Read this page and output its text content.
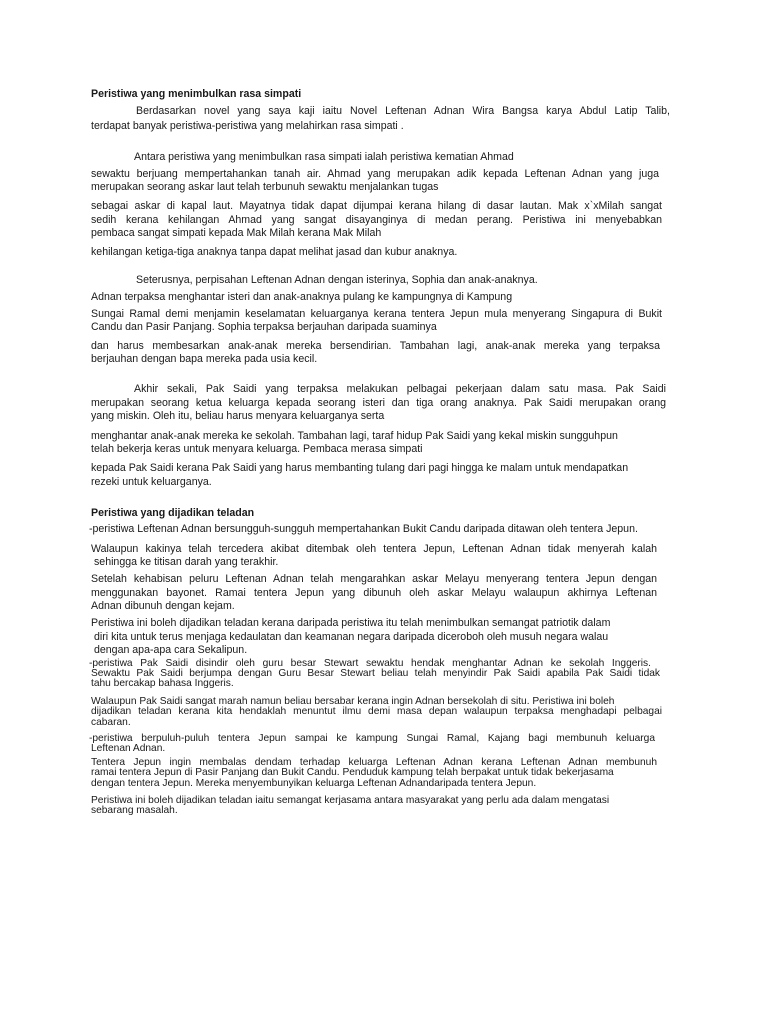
Peristiwa yang menimbulkan rasa simpati
Berdasarkan novel yang saya kaji iaitu Novel Leftenan Adnan Wira Bangsa karya Abdul Latip Talib,
terdapat banyak peristiwa-peristiwa yang melahirkan rasa simpati .
Antara peristiwa yang menimbulkan rasa simpati ialah peristiwa kematian Ahmad
sewaktu berjuang mempertahankan tanah air. Ahmad yang merupakan adik kepada Leftenan Adnan yang juga
merupakan seorang askar laut telah terbunuh sewaktu menjalankan tugas
sebagai askar di kapal laut. Mayatnya tidak dapat dijumpai kerana hilang di dasar lautan. Mak x`xMilah sangat
sedih kerana kehilangan Ahmad yang sangat disayanginya di medan perang. Peristiwa ini menyebabkan
pembaca sangat simpati kepada Mak Milah kerana Mak Milah
kehilangan ketiga-tiga anaknya tanpa dapat melihat jasad dan kubur anaknya.
Seterusnya, perpisahan Leftenan Adnan dengan isterinya, Sophia dan anak-anaknya.
Adnan terpaksa menghantar isteri dan anak-anaknya pulang ke kampungnya di Kampung
Sungai Ramal demi menjamin keselamatan keluarganya kerana tentera Jepun mula menyerang Singapura di Bukit
Candu dan Pasir Panjang. Sophia terpaksa berjauhan daripada suaminya
dan harus membesarkan anak-anak mereka bersendirian. Tambahan lagi, anak-anak mereka yang terpaksa
berjauhan dengan bapa mereka pada usia kecil.
Akhir sekali, Pak Saidi yang terpaksa melakukan pelbagai pekerjaan dalam satu masa. Pak Saidi
merupakan seorang ketua keluarga kepada seorang isteri dan tiga orang anaknya. Pak Saidi merupakan orang
yang miskin. Oleh itu, beliau harus menyara keluarganya serta
menghantar anak-anak mereka ke sekolah. Tambahan lagi, taraf hidup Pak Saidi yang kekal miskin sungguhpun
telah bekerja keras untuk menyara keluarga. Pembaca merasa simpati
kepada Pak Saidi kerana Pak Saidi yang harus membanting tulang dari pagi hingga ke malam untuk mendapatkan
rezeki untuk keluarganya.
Peristiwa yang dijadikan teladan
-peristiwa Leftenan Adnan bersungguh-sungguh mempertahankan Bukit Candu daripada ditawan oleh tentera Jepun.
Walaupun kakinya telah tercedera akibat ditembak oleh tentera Jepun, Leftenan Adnan tidak menyerah kalah
sehingga ke titisan darah yang terakhir.
Setelah kehabisan peluru Leftenan Adnan telah mengarahkan askar Melayu menyerang tentera Jepun dengan
menggunakan bayonet. Ramai tentera Jepun yang dibunuh oleh askar Melayu walaupun akhirnya Leftenan
Adnan dibunuh dengan kejam.
Peristiwa ini boleh dijadikan teladan kerana daripada peristiwa itu telah menimbulkan semangat patriotik dalam
diri kita untuk terus menjaga kedaulatan dan keamanan negara daripada diceroboh oleh musuh negara walau
dengan apa-apa cara Sekalipun.
-peristiwa Pak Saidi disindir oleh guru besar Stewart sewaktu hendak menghantar Adnan ke sekolah Inggeris.
Sewaktu Pak Saidi berjumpa dengan Guru Besar Stewart beliau telah menyindir Pak Saidi apabila Pak Saidi tidak
tahu bercakap bahasa Inggeris.
Walaupun Pak Saidi sangat marah namun beliau bersabar kerana ingin Adnan bersekolah di situ. Peristiwa ini boleh
dijadikan teladan kerana kita hendaklah menuntut ilmu demi masa depan walaupun terpaksa menghadapi pelbagai
cabaran.
-peristiwa berpuluh-puluh tentera Jepun sampai ke kampung Sungai Ramal, Kajang bagi membunuh keluarga
Leftenan Adnan.
Tentera Jepun ingin membalas dendam terhadap keluarga Leftenan Adnan kerana Leftenan Adnan membunuh
ramai tentera Jepun di Pasir Panjang dan Bukit Candu. Penduduk kampung telah berpakat untuk tidak bekerjasama
dengan tentera Jepun. Mereka menyembunyikan keluarga Leftenan Adnandaripada tentera Jepun.
Peristiwa ini boleh dijadikan teladan iaitu semangat kerjasama antara masyarakat yang perlu ada dalam mengatasi
sebarang masalah.
